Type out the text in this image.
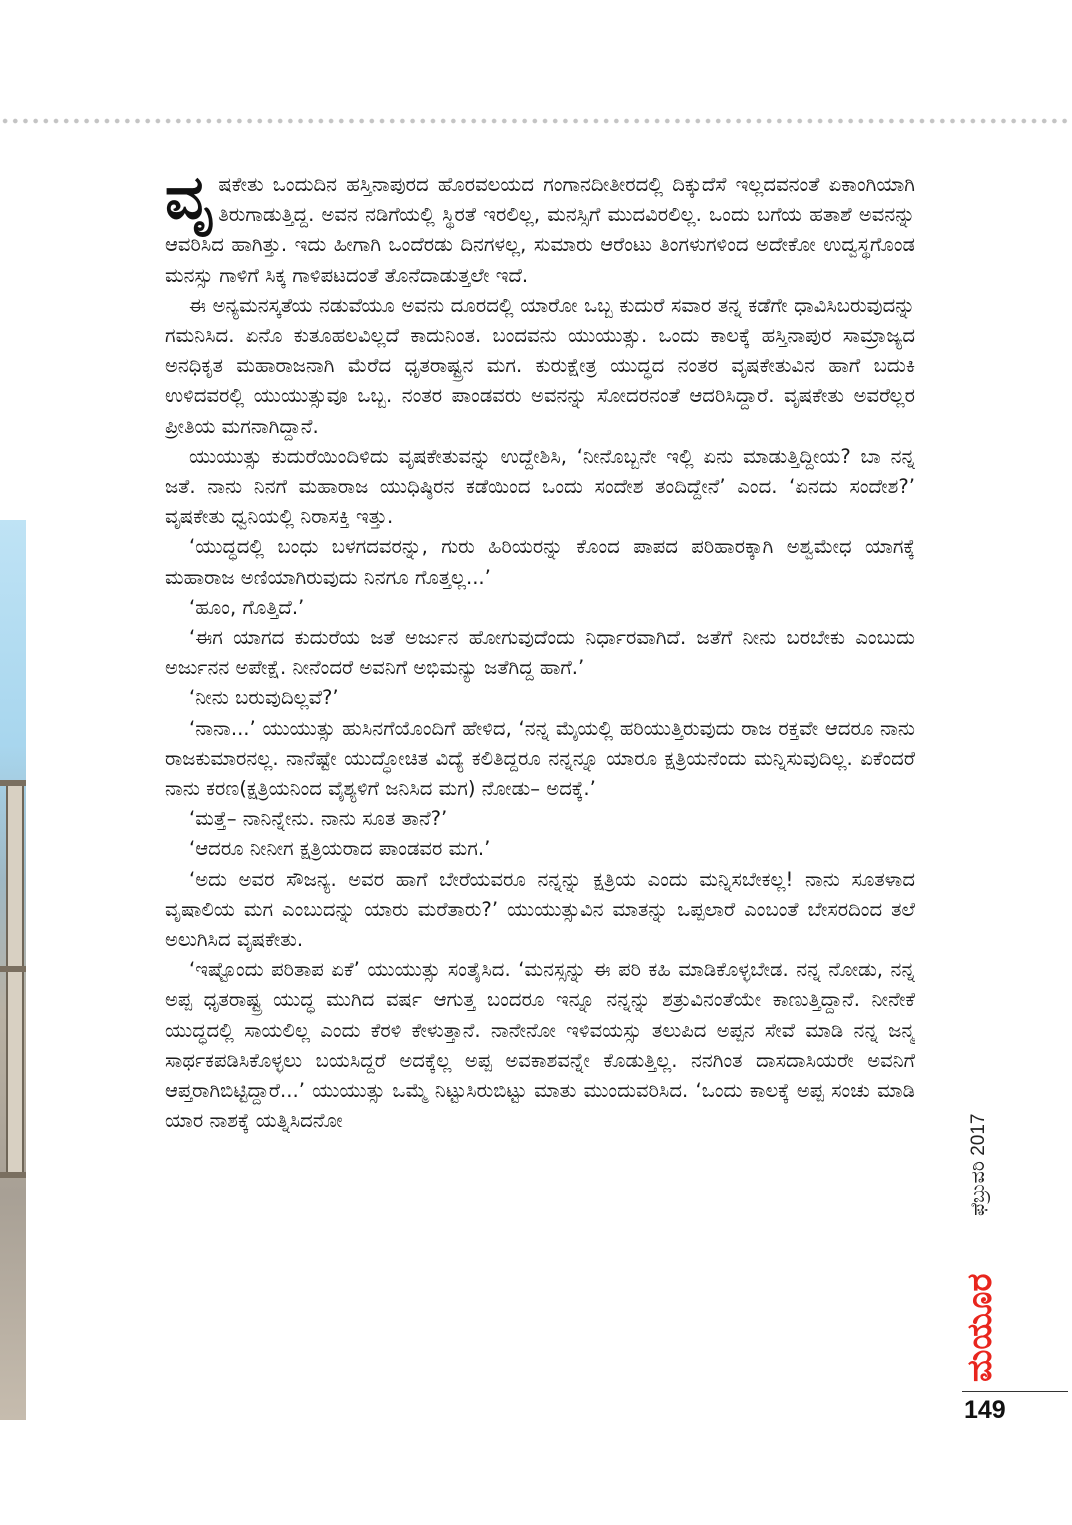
ವೃಷಕೇತು ಒಂದುದಿನ ಹಸ್ತಿನಾಪುರದ ಹೊರವಲಯದ ಗಂಗಾನದೀತೀರದಲ್ಲಿ ದಿಕ್ಕುದೆಸೆ ಇಲ್ಲದವನಂತೆ ಏಕಾಂಗಿಯಾಗಿ ತಿರುಗಾಡುತ್ತಿದ್ದ. ಅವನ ನಡಿಗೆಯಲ್ಲಿ ಸ್ಥಿರತೆ ಇರಲಿಲ್ಲ, ಮನಸ್ಸಿಗೆ ಮುದವಿರಲಿಲ್ಲ. ಒಂದು ಬಗೆಯ ಹತಾಶೆ ಅವನನ್ನು ಆವರಿಸಿದ ಹಾಗಿತ್ತು. ಇದು ಹೀಗಾಗಿ ಒಂದೆರಡು ದಿನಗಳಲ್ಲ, ಸುಮಾರು ಆರೆಂಟು ತಿಂಗಳುಗಳಿಂದ ಅದೇಕೋ ಉದ್ವಸ್ಥಗೊಂಡ ಮನಸ್ಸು ಗಾಳಿಗೆ ಸಿಕ್ಕ ಗಾಳಿಪಟದಂತೆ ತೊನೆದಾಡುತ್ತಲೇ ಇದೆ.

ಈ ಅನ್ಯಮನಸ್ಕತೆಯ ನಡುವೆಯೂ ಅವನು ದೂರದಲ್ಲಿ ಯಾರೋ ಒಬ್ಬ ಕುದುರೆ ಸವಾರ ತನ್ನ ಕಡೆಗೇ ಧಾವಿಸಿಬರುವುದನ್ನು ಗಮನಿಸಿದ. ಏನೊ ಕುತೂಹಲವಿಲ್ಲದೆ ಕಾದುನಿಂತ. ಬಂದವನು ಯುಯುತ್ಸು. ಒಂದು ಕಾಲಕ್ಕೆ ಹಸ್ತಿನಾಪುರ ಸಾಮ್ರಾಜ್ಯದ ಅನಧಿಕೃತ ಮಹಾರಾಜನಾಗಿ ಮೆರೆದ ಧೃತರಾಷ್ಟ್ರನ ಮಗ. ಕುರುಕ್ಷೇತ್ರ ಯುದ್ಧದ ನಂತರ ವೃಷಕೇತುವಿನ ಹಾಗೆ ಬದುಕಿ ಉಳಿದವರಲ್ಲಿ ಯುಯುತ್ಸುವೂ ಒಬ್ಬ. ನಂತರ ಪಾಂಡವರು ಅವನನ್ನು ಸೋದರನಂತೆ ಆದರಿಸಿದ್ದಾರೆ. ವೃಷಕೇತು ಅವರೆಲ್ಲರ ಪ್ರೀತಿಯ ಮಗನಾಗಿದ್ದಾನೆ.

ಯುಯುತ್ಸು ಕುದುರೆಯಿಂದಿಳಿದು ವೃಷಕೇತುವನ್ನು ಉದ್ದೇಶಿಸಿ, ‘ನೀನೊಬ್ಬನೇ ಇಲ್ಲಿ ಏನು ಮಾಡುತ್ತಿದ್ದೀಯ? ಬಾ ನನ್ನ ಜತೆ. ನಾನು ನಿನಗೆ ಮಹಾರಾಜ ಯುಧಿಷ್ಠಿರನ ಕಡೆಯಿಂದ ಒಂದು ಸಂದೇಶ ತಂದಿದ್ದೇನೆ’ ಎಂದ. ‘ಏನದು ಸಂದೇಶ?’ ವೃಷಕೇತು ಧ್ವನಿಯಲ್ಲಿ ನಿರಾಸಕ್ತಿ ಇತ್ತು.

‘ಯುದ್ಧದಲ್ಲಿ ಬಂಧು ಬಳಗದವರನ್ನು, ಗುರು ಹಿರಿಯರನ್ನು ಕೊಂದ ಪಾಪದ ಪರಿಹಾರಕ್ಕಾಗಿ ಅಶ್ವಮೇಧ ಯಾಗಕ್ಕೆ ಮಹಾರಾಜ ಅಣಿಯಾಗಿರುವುದು ನಿನಗೂ ಗೊತ್ತಲ್ಲ...’

‘ಹೂಂ, ಗೊತ್ತಿದೆ.’

‘ಈಗ ಯಾಗದ ಕುದುರೆಯ ಜತೆ ಅರ್ಜುನ ಹೋಗುವುದೆಂದು ನಿರ್ಧಾರವಾಗಿದೆ. ಜತೆಗೆ ನೀನು ಬರಬೇಕು ಎಂಬುದು ಅರ್ಜುನನ ಅಪೇಕ್ಷೆ. ನೀನೆಂದರೆ ಅವನಿಗೆ ಅಭಿಮನ್ಯು ಜತೆಗಿದ್ದ ಹಾಗೆ.’

‘ನೀನು ಬರುವುದಿಲ್ಲವೆ?’

‘ನಾನಾ...’ ಯುಯುತ್ಸು ಹುಸಿನಗೆಯೊಂದಿಗೆ ಹೇಳಿದ, ‘ನನ್ನ ಮೈಯಲ್ಲಿ ಹರಿಯುತ್ತಿರುವುದು ರಾಜ ರಕ್ತವೇ ಆದರೂ ನಾನು ರಾಜಕುಮಾರನಲ್ಲ. ನಾನೆಷ್ಟೇ ಯುದ್ಧೋಚಿತ ವಿದ್ಯೆ ಕಲಿತಿದ್ದರೂ ನನ್ನನ್ನೂ ಯಾರೂ ಕ್ಷತ್ರಿಯನೆಂದು ಮನ್ನಿಸುವುದಿಲ್ಲ. ಏಕೆಂದರೆ ನಾನು ಕರಣ(ಕ್ಷತ್ರಿಯನಿಂದ ವೈಶ್ಯಳಿಗೆ ಜನಿಸಿದ ಮಗ) ನೋಡು– ಅದಕ್ಕೆ.’

‘ಮತ್ತೆ– ನಾನಿನ್ನೇನು. ನಾನು ಸೂತ ತಾನೆ?’

‘ಆದರೂ ನೀನೀಗ ಕ್ಷತ್ರಿಯರಾದ ಪಾಂಡವರ ಮಗ.’

‘ಅದು ಅವರ ಸೌಜನ್ಯ. ಅವರ ಹಾಗೆ ಬೇರೆಯವರೂ ನನ್ನನ್ನು ಕ್ಷತ್ರಿಯ ಎಂದು ಮನ್ನಿಸಬೇಕಲ್ಲ! ನಾನು ಸೂತಳಾದ ವೃಷಾಲಿಯ ಮಗ ಎಂಬುದನ್ನು ಯಾರು ಮರೆತಾರು?’ ಯುಯುತ್ಸುವಿನ ಮಾತನ್ನು ಒಪ್ಪಲಾರೆ ಎಂಬಂತೆ ಬೇಸರದಿಂದ ತಲೆ ಅಲುಗಿಸಿದ ವೃಷಕೇತು.

‘ಇಷ್ಟೊಂದು ಪರಿತಾಪ ಏಕೆ’ ಯುಯುತ್ಸು ಸಂತೈಸಿದ. ‘ಮನಸ್ಸನ್ನು ಈ ಪರಿ ಕಹಿ ಮಾಡಿಕೊಳ್ಳಬೇಡ. ನನ್ನ ನೋಡು, ನನ್ನ ಅಪ್ಪ ಧೃತರಾಷ್ಟ್ರ ಯುದ್ಧ ಮುಗಿದ ವರ್ಷ ಆಗುತ್ತ ಬಂದರೂ ಇನ್ನೂ ನನ್ನನ್ನು ಶತ್ರುವಿನಂತೆಯೇ ಕಾಣುತ್ತಿದ್ದಾನೆ. ನೀನೇಕೆ ಯುದ್ಧದಲ್ಲಿ ಸಾಯಲಿಲ್ಲ ಎಂದು ಕೆರಳಿ ಕೇಳುತ್ತಾನೆ. ನಾನೇನೋ ಇಳಿವಯಸ್ಸು ತಲುಪಿದ ಅಪ್ಪನ ಸೇವೆ ಮಾಡಿ ನನ್ನ ಜನ್ಮ ಸಾರ್ಥಕಪಡಿಸಿಕೊಳ್ಳಲು ಬಯಸಿದ್ದರೆ ಅದಕ್ಕೆಲ್ಲ ಅಪ್ಪ ಅವಕಾಶವನ್ನೇ ಕೊಡುತ್ತಿಲ್ಲ. ನನಗಿಂತ ದಾಸದಾಸಿಯರೇ ಅವನಿಗೆ ಆಪ್ತರಾಗಿಬಿಟ್ಟಿದ್ದಾರೆ...’ ಯುಯುತ್ಸು ಒಮ್ಮೆ ನಿಟ್ಟುಸಿರುಬಿಟ್ಟು ಮಾತು ಮುಂದುವರಿಸಿದ. ‘ಒಂದು ಕಾಲಕ್ಕೆ ಅಪ್ಪ ಸಂಚು ಮಾಡಿ ಯಾರ ನಾಶಕ್ಕೆ ಯತ್ನಿಸಿದನೋ	ಫೆಬ್ರುವರಿ 2017
ಮಯೂರ
149
